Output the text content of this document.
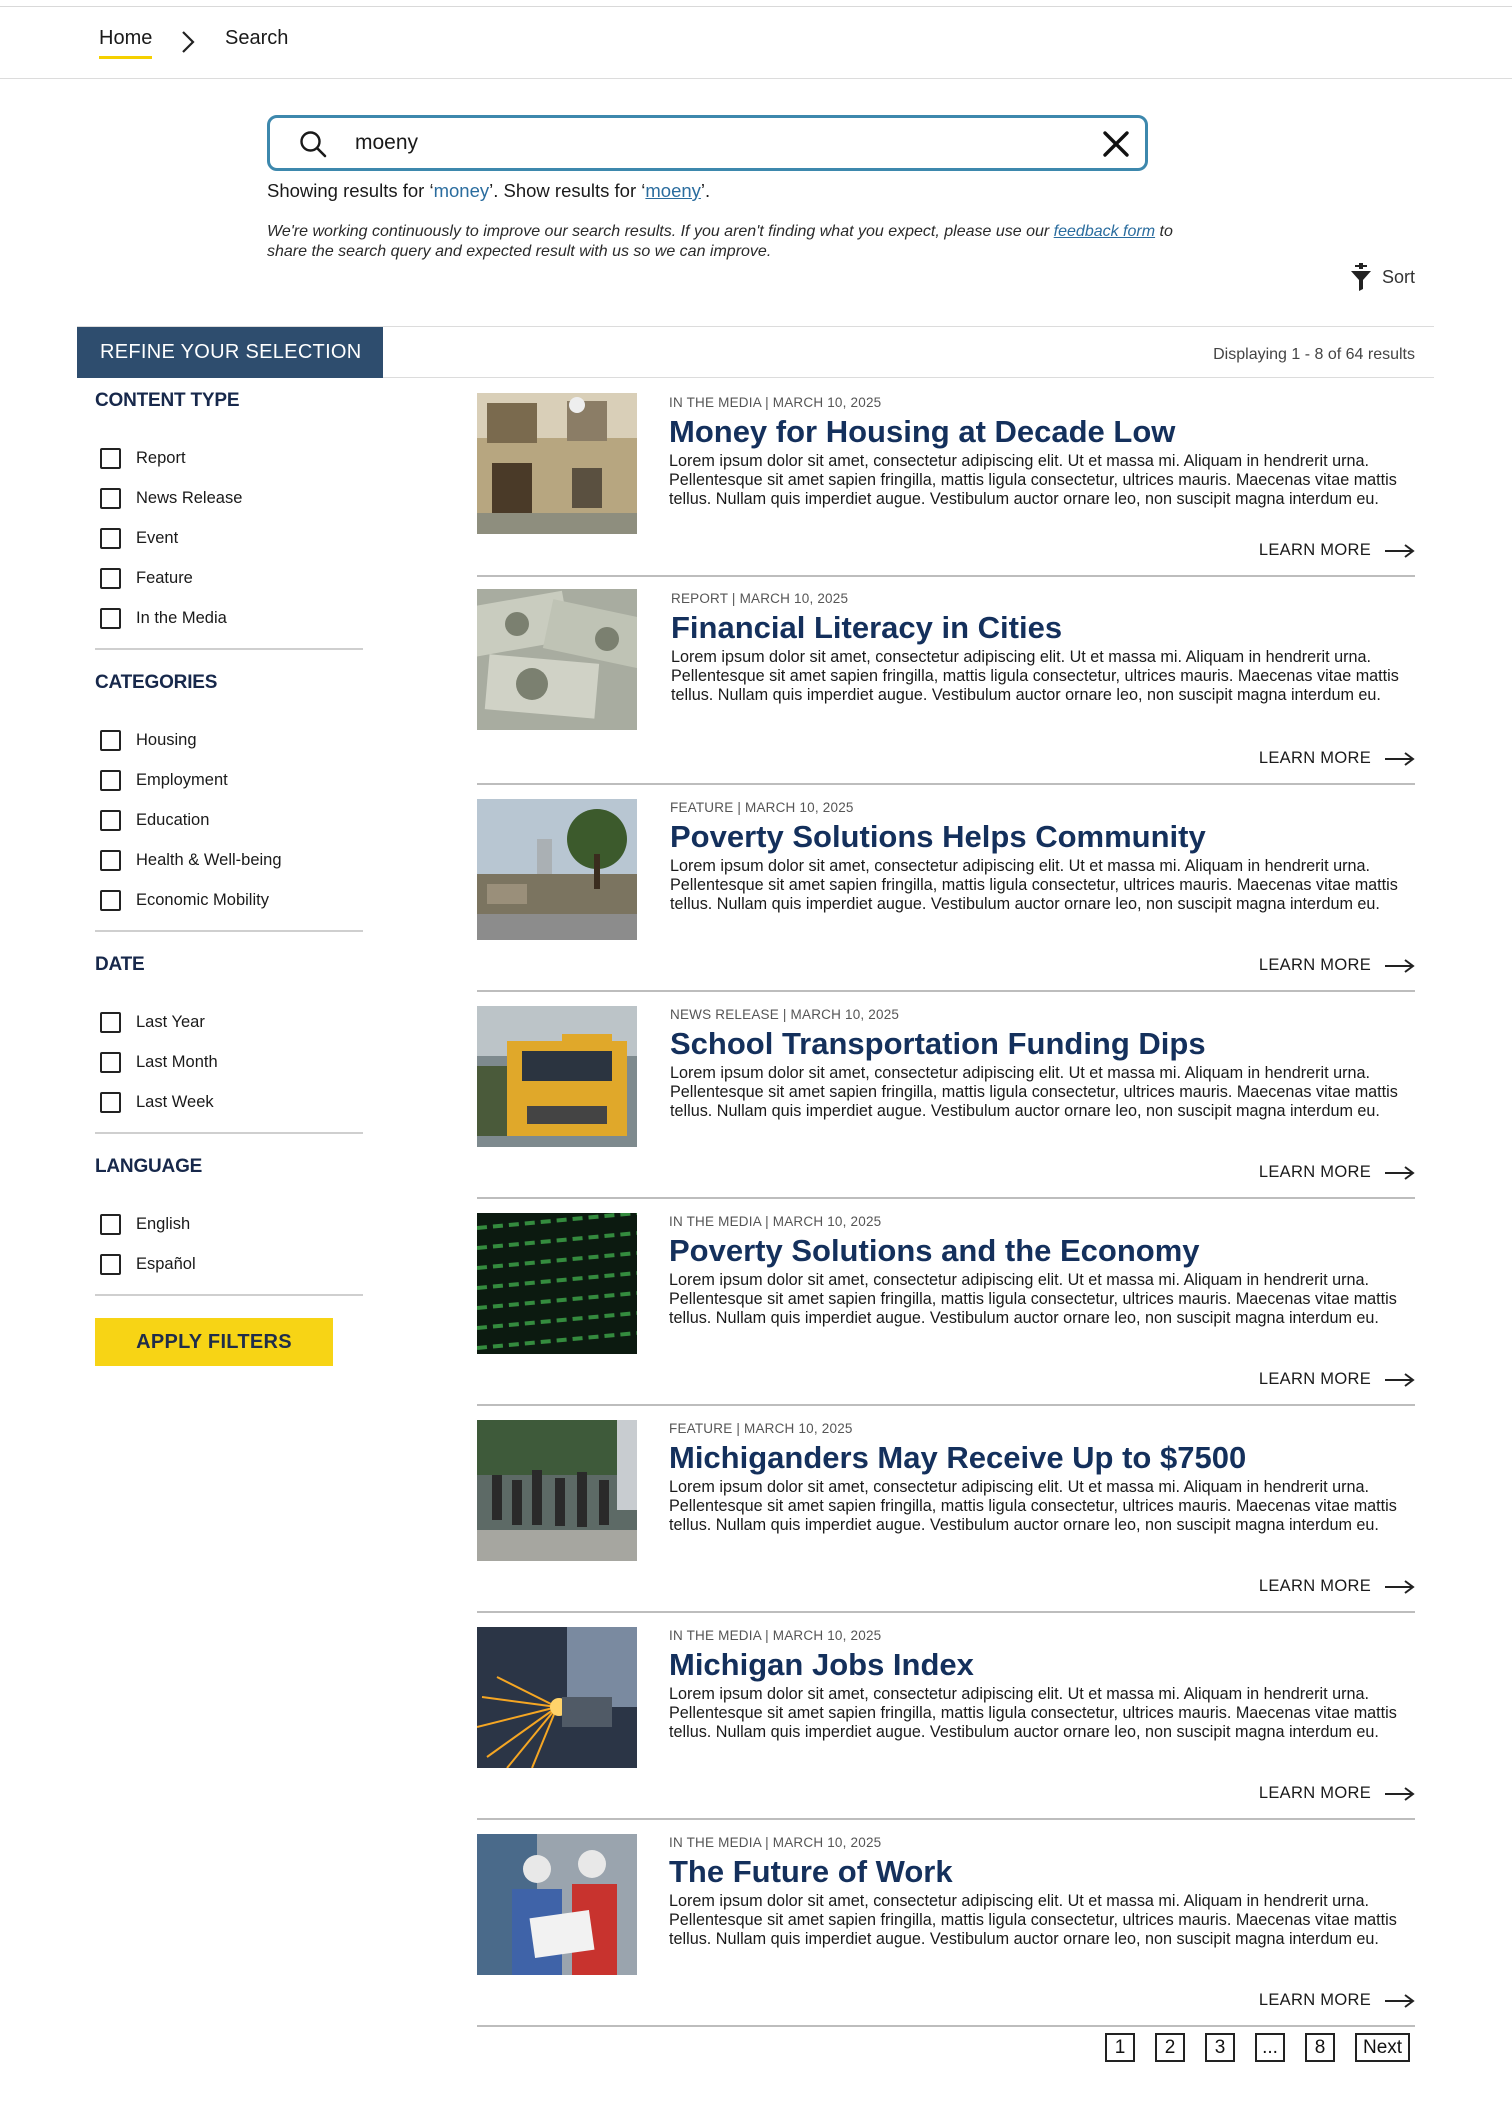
Home	Search
moeny
Showing results for ‘money’. Show results for ‘moeny’.

We're working continuously to improve our search results. If you aren't finding what you expect, please use our feedback form to share the search query and expected result with us so we can improve.

Sort
REFINE YOUR SELECTION	Displaying 1 - 8 of 64 results
CONTENT TYPE
Report
News Release
Event
Feature
In the Media
CATEGORIES
Housing
Employment
Education
Health & Well-being
Economic Mobility
DATE
Last Year
Last Month
Last Week
LANGUAGE
English
Español
APPLY FILTERS
IN THE MEDIA | MARCH 10, 2025
Money for Housing at Decade Low

Lorem ipsum dolor sit amet, consectetur adipiscing elit. Ut et massa mi. Aliquam in hendrerit urna. Pellentesque sit amet sapien fringilla, mattis ligula consectetur, ultrices mauris. Maecenas vitae mattis tellus. Nullam quis imperdiet augue. Vestibulum auctor ornare leo, non suscipit magna interdum eu.

LEARN MORE
REPORT | MARCH 10, 2025
Financial Literacy in Cities

Lorem ipsum dolor sit amet, consectetur adipiscing elit. Ut et massa mi. Aliquam in hendrerit urna. Pellentesque sit amet sapien fringilla, mattis ligula consectetur, ultrices mauris. Maecenas vitae mattis tellus. Nullam quis imperdiet augue. Vestibulum auctor ornare leo, non suscipit magna interdum eu.

LEARN MORE
FEATURE | MARCH 10, 2025
Poverty Solutions Helps Community

Lorem ipsum dolor sit amet, consectetur adipiscing elit. Ut et massa mi. Aliquam in hendrerit urna. Pellentesque sit amet sapien fringilla, mattis ligula consectetur, ultrices mauris. Maecenas vitae mattis tellus. Nullam quis imperdiet augue. Vestibulum auctor ornare leo, non suscipit magna interdum eu.

LEARN MORE
NEWS RELEASE | MARCH 10, 2025
School Transportation Funding Dips

Lorem ipsum dolor sit amet, consectetur adipiscing elit. Ut et massa mi. Aliquam in hendrerit urna. Pellentesque sit amet sapien fringilla, mattis ligula consectetur, ultrices mauris. Maecenas vitae mattis tellus. Nullam quis imperdiet augue. Vestibulum auctor ornare leo, non suscipit magna interdum eu.

LEARN MORE
IN THE MEDIA | MARCH 10, 2025
Poverty Solutions and the Economy

Lorem ipsum dolor sit amet, consectetur adipiscing elit. Ut et massa mi. Aliquam in hendrerit urna. Pellentesque sit amet sapien fringilla, mattis ligula consectetur, ultrices mauris. Maecenas vitae mattis tellus. Nullam quis imperdiet augue. Vestibulum auctor ornare leo, non suscipit magna interdum eu.

LEARN MORE
FEATURE | MARCH 10, 2025
Michiganders May Receive Up to $7500

Lorem ipsum dolor sit amet, consectetur adipiscing elit. Ut et massa mi. Aliquam in hendrerit urna. Pellentesque sit amet sapien fringilla, mattis ligula consectetur, ultrices mauris. Maecenas vitae mattis tellus. Nullam quis imperdiet augue. Vestibulum auctor ornare leo, non suscipit magna interdum eu.

LEARN MORE
IN THE MEDIA | MARCH 10, 2025
Michigan Jobs Index

Lorem ipsum dolor sit amet, consectetur adipiscing elit. Ut et massa mi. Aliquam in hendrerit urna. Pellentesque sit amet sapien fringilla, mattis ligula consectetur, ultrices mauris. Maecenas vitae mattis tellus. Nullam quis imperdiet augue. Vestibulum auctor ornare leo, non suscipit magna interdum eu.

LEARN MORE
IN THE MEDIA | MARCH 10, 2025
The Future of Work

Lorem ipsum dolor sit amet, consectetur adipiscing elit. Ut et massa mi. Aliquam in hendrerit urna. Pellentesque sit amet sapien fringilla, mattis ligula consectetur, ultrices mauris. Maecenas vitae mattis tellus. Nullam quis imperdiet augue. Vestibulum auctor ornare leo, non suscipit magna interdum eu.

LEARN MORE
1	2	3	...	8	Next
